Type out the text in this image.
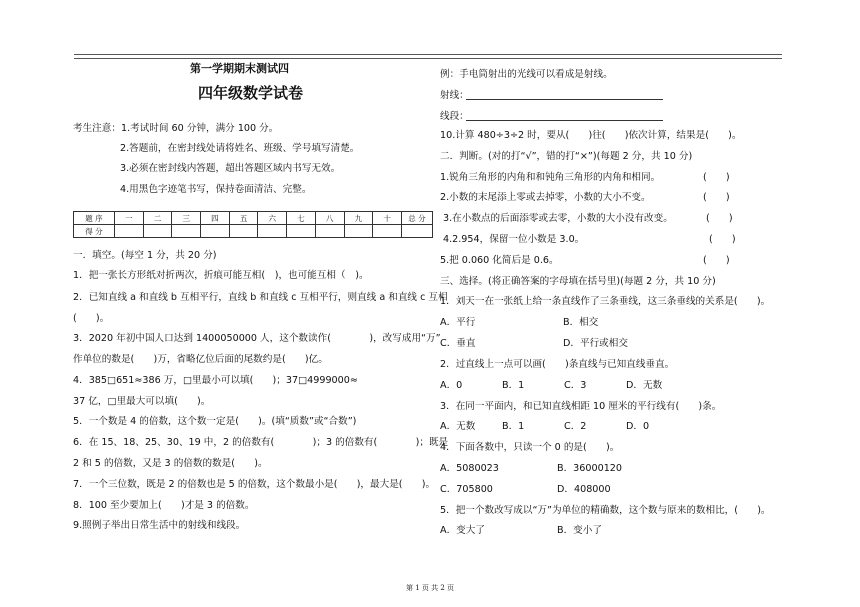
第一学期期末测试四
四年级数学试卷
考生注意：1.考试时间 60 分钟，满分 100 分。
2.答题前，在密封线处请将姓名、班级、学号填写清楚。
3.必须在密封线内答题，超出答题区域内书写无效。
4.用黑色字迹笔书写，保持卷面清洁、完整。
题 序	一	二	三	四	五	六	七	八	九	十	总 分
得 分											
一．填空。(每空 1 分，共 20 分)
1．把一张长方形纸对折两次，折痕可能互相(　)，也可能互相（　)。
2．已知直线 a 和直线 b 互相平行，直线 b 和直线 c 互相平行，则直线 a 和直线 c 互相
(　　)。
3．2020 年初中国人口达到 1400050000 人，这个数读作(　　　　)，改写成用“万”
作单位的数是(　　)万，省略亿位后面的尾数约是(　　)亿。
4．385□651≈386 万，□里最小可以填(　　)；37□4999000≈
37 亿，□里最大可以填(　　)。
5．一个数是 4 的倍数，这个数一定是(　　)。(填“质数”或“合数”)
6．在 15、18、25、30、19 中，2 的倍数有(　　　　)；3 的倍数有(　　　　)；既是
2 和 5 的倍数，又是 3 的倍数的数是(　　)。
7．一个三位数，既是 2 的倍数也是 5 的倍数，这个数最小是(　　)，最大是(　　)。
8．100 至少要加上(　　)才是 3 的倍数。
9.照例子举出日常生活中的射线和线段。
例：手电筒射出的光线可以看成是射线。
射线：
线段：
10.计算 480÷3÷2 时，要从(　　)往(　　)依次计算，结果是(　　)。
二．判断。(对的打“√”，错的打“×”)(每题 2 分，共 10 分)
1.锐角三角形的内角和和钝角三角形的内角和相同。	(　　)
2.小数的末尾添上零或去掉零，小数的大小不变。	(　　)
3.在小数点的后面添零或去零，小数的大小没有改变。	(　　)
4.2.954，保留一位小数是 3.0。	(　　)
5.把 0.060 化简后是 0.6。	(　　)
三、选择。(将正确答案的字母填在括号里)(每题 2 分，共 10 分)
1．刘天一在一张纸上给一条直线作了三条垂线，这三条垂线的关系是(　　)。
A．平行	B．相交
C．垂直	D．平行或相交
2．过直线上一点可以画(　　)条直线与已知直线垂直。
A．0	B．1	C．3	D．无数
3．在同一平面内，和已知直线相距 10 厘米的平行线有(　　)条。
A．无数	B．1	C．2	D．0
4．下面各数中，只读一个 0 的是(　　)。
A．5080023	B．36000120
C．705800	D．408000
5．把一个数改写成以“万”为单位的精确数，这个数与原来的数相比，(　　)。
A．变大了	B．变小了
第 1 页 共 2 页
